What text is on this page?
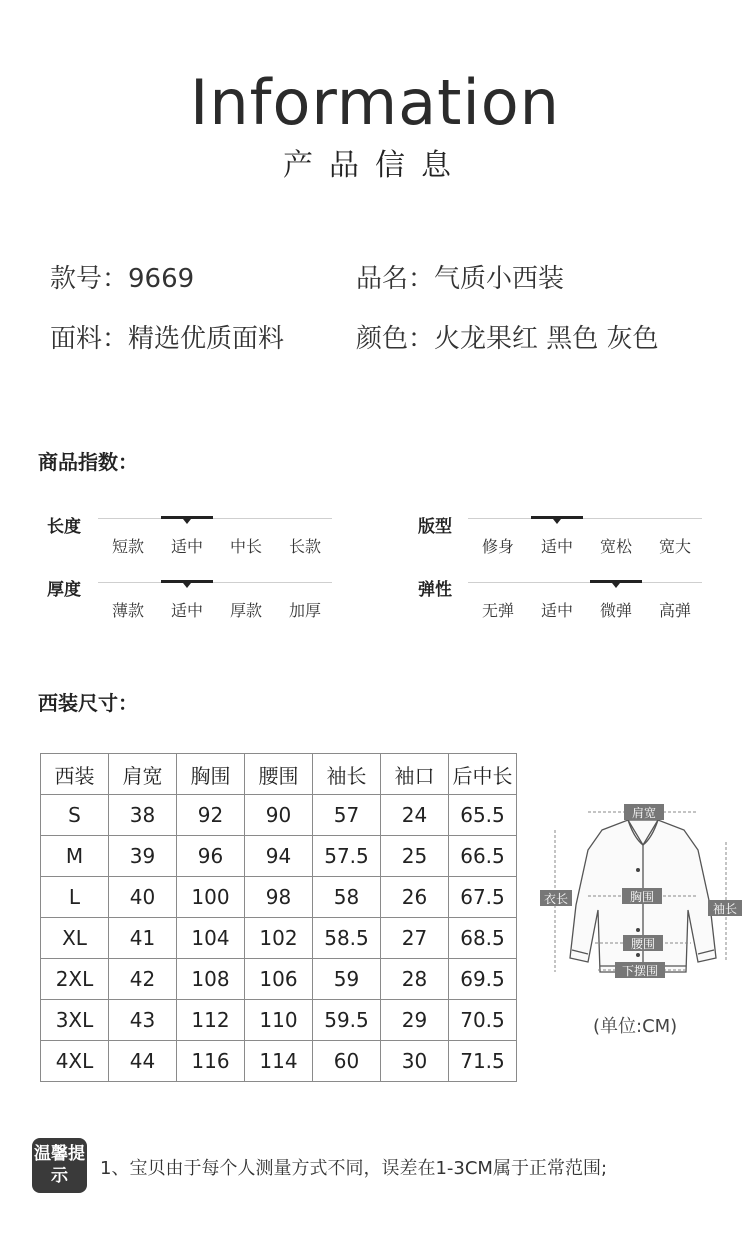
Information
产品信息
款号：9669	品名：气质小西装
面料：精选优质面料	颜色：火龙果红 黑色 灰色
商品指数：
长度
短款	适中	中长	长款
版型
修身	适中	宽松	宽大
厚度
薄款	适中	厚款	加厚
弹性
无弹	适中	微弹	高弹
西装尺寸：
西装	肩宽	胸围	腰围	袖长	袖口	后中长
S	38	92	90	57	24	65.5
M	39	96	94	57.5	25	66.5
L	40	100	98	58	26	67.5
XL	41	104	102	58.5	27	68.5
2XL	42	108	106	59	28	69.5
3XL	43	112	110	59.5	29	70.5
4XL	44	116	114	60	30	71.5
肩宽
胸围
腰围
下摆围
衣长
袖长
(单位:CM)
温馨提示	1、宝贝由于每个人测量方式不同，误差在1-3CM属于正常范围;
